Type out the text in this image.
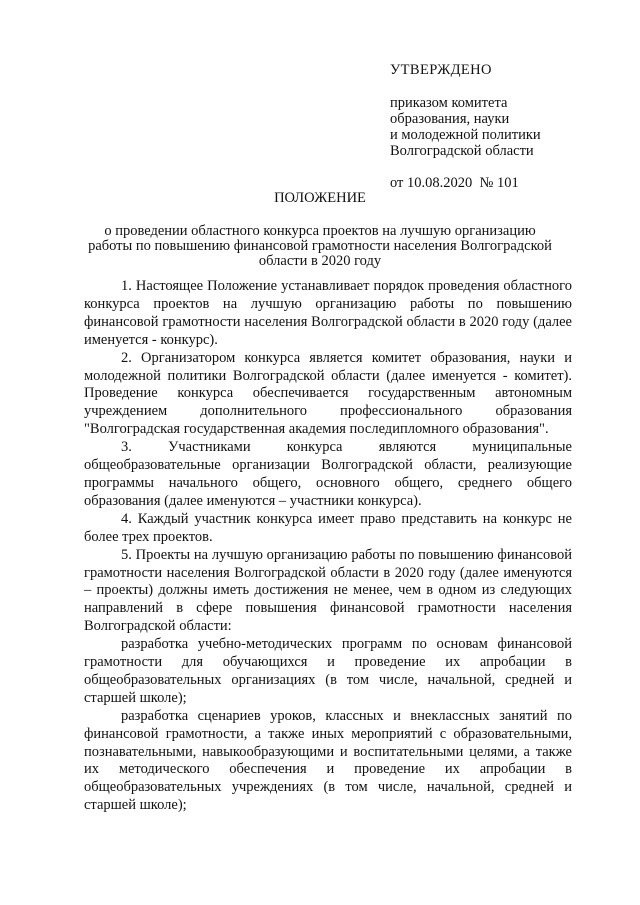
УТВЕРЖДЕНО
приказом комитета
образования, науки
и молодежной политики
Волгоградской области
от 10.08.2020  № 101
ПОЛОЖЕНИЕ
о проведении областного конкурса проектов на лучшую организацию
работы по повышению финансовой грамотности населения Волгоградской
области в 2020 году

1. Настоящее Положение устанавливает порядок проведения областного конкурса проектов на лучшую организацию работы по повышению финансовой грамотности населения Волгоградской области в 2020 году (далее именуется - конкурс).

2. Организатором конкурса является комитет образования, науки и молодежной политики Волгоградской области (далее именуется - комитет). Проведение конкурса обеспечивается государственным автономным учреждением дополнительного профессионального образования "Волгоградская государственная академия последипломного образования".

3. Участниками конкурса являются муниципальные общеобразовательные организации Волгоградской области, реализующие программы начального общего, основного общего, среднего общего образования (далее именуются – участники конкурса).

4. Каждый участник конкурса имеет право представить на конкурс не более трех проектов.

5. Проекты на лучшую организацию работы по повышению финансовой грамотности населения Волгоградской области в 2020 году (далее именуются – проекты) должны иметь достижения не менее, чем в одном из следующих направлений в сфере повышения финансовой грамотности населения Волгоградской области:

разработка учебно-методических программ по основам финансовой грамотности для обучающихся и проведение их апробации в общеобразовательных организациях (в том числе, начальной, средней и старшей школе);

разработка сценариев уроков, классных и внеклассных занятий по финансовой грамотности, а также иных мероприятий с образовательными, познавательными, навыкообразующими и воспитательными целями, а также их методического обеспечения и проведение их апробации в общеобразовательных учреждениях (в том числе, начальной, средней и старшей школе);
